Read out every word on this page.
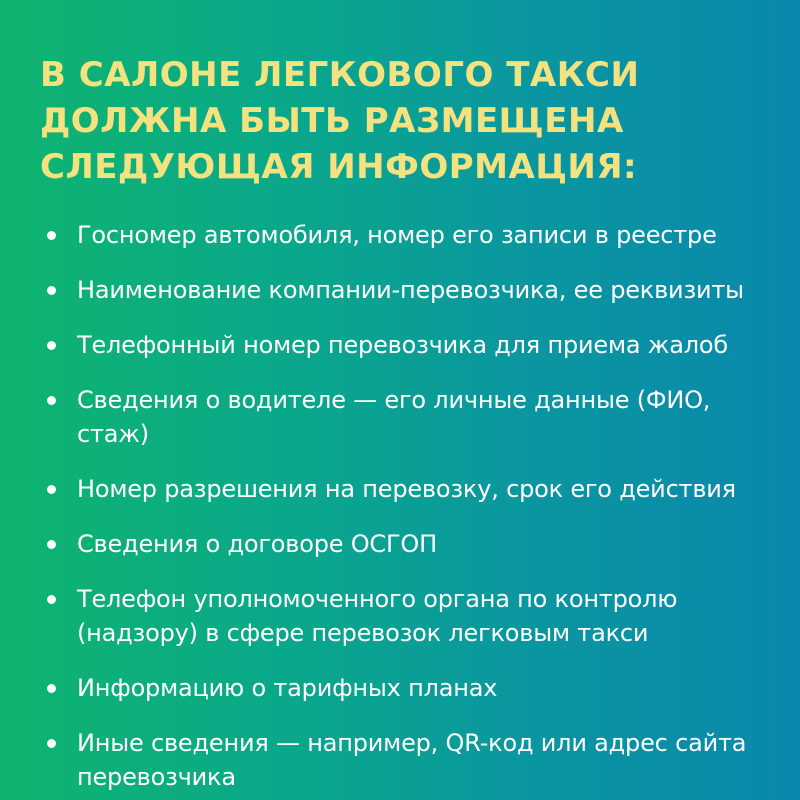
В САЛОНЕ ЛЕГКОВОГО ТАКСИ ДОЛЖНА БЫТЬ РАЗМЕЩЕНА СЛЕДУЮЩАЯ ИНФОРМАЦИЯ:
Госномер автомобиля, номер его записи в реестре
Наименование компании-перевозчика, ее реквизиты
Телефонный номер перевозчика для приема жалоб
Сведения о водителе — его личные данные (ФИО, стаж)
Номер разрешения на перевозку, срок его действия
Сведения о договоре ОСГОП
Телефон уполномоченного органа по контролю (надзору) в сфере перевозок легковым такси
Информацию о тарифных планах
Иные сведения — например, QR-код или адрес сайта перевозчика
